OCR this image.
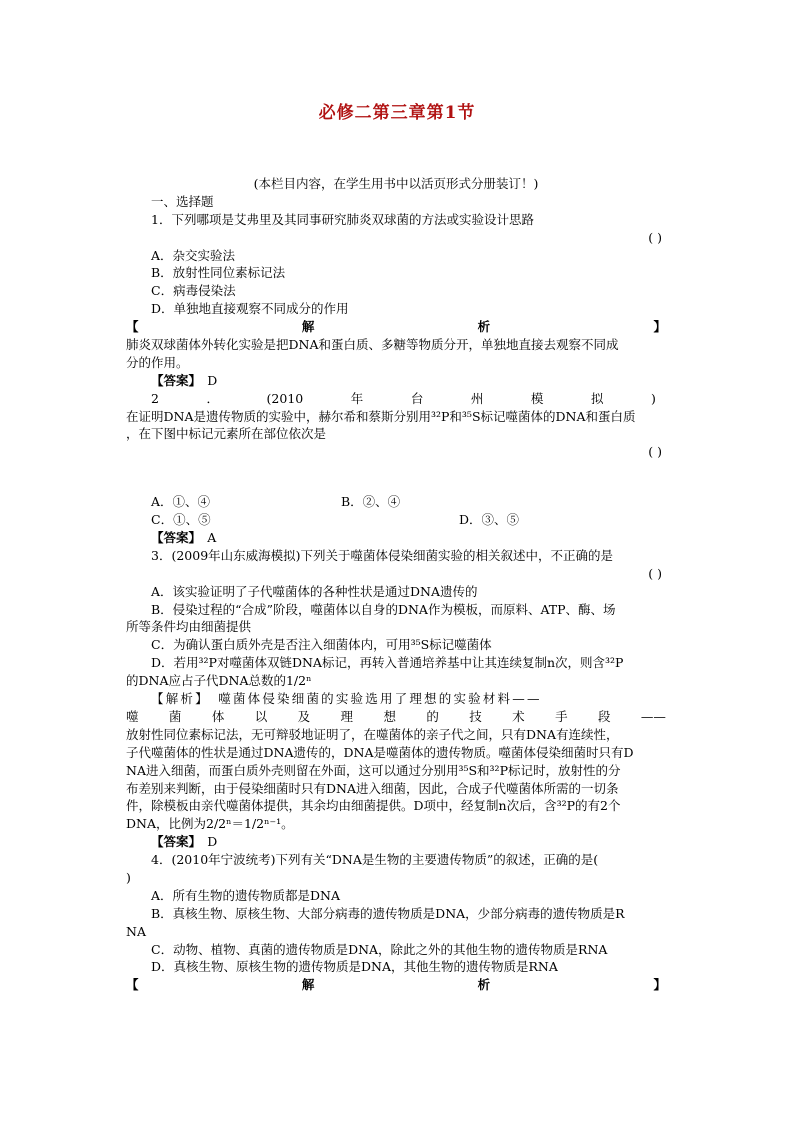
必修二第三章第1节
(本栏目内容，在学生用书中以活页形式分册装订！)
一、选择题
1．下列哪项是艾弗里及其同事研究肺炎双球菌的方法或实验设计思路
( )
A．杂交实验法
B．放射性同位素标记法
C．病毒侵染法
D．单独地直接观察不同成分的作用
【	解	析	】
肺炎双球菌体外转化实验是把DNA和蛋白质、多糖等物质分开，单独地直接去观察不同成
分的作用。
【答案】　 D
2	．	(2010	年	台	州	模	拟	)
在证明DNA是遗传物质的实验中，赫尔希和蔡斯分别用³²P和³⁵S标记噬菌体的DNA和蛋白质
，在下图中标记元素所在部位依次是
( )
A．①、④	B．②、④
C．①、⑤	D．③、⑤
【答案】　 A
3．(2009年山东威海模拟)下列关于噬菌体侵染细菌实验的相关叙述中，不正确的是
( )
A．该实验证明了子代噬菌体的各种性状是通过DNA遗传的
B．侵染过程的“合成”阶段，噬菌体以自身的DNA作为模板，而原料、ATP、酶、场
所等条件均由细菌提供
C．为确认蛋白质外壳是否注入细菌体内，可用³⁵S标记噬菌体
D．若用³²P对噬菌体双链DNA标记，再转入普通培养基中让其连续复制n次，则含³²P
的DNA应占子代DNA总数的1/2ⁿ
【解析】　噬菌体侵染细菌的实验选用了理想的实验材料——
噬 菌 体 以 及 理 想 的 技 术 手 段 ——
放射性同位素标记法，无可辩驳地证明了，在噬菌体的亲子代之间，只有DNA有连续性，
子代噬菌体的性状是通过DNA遗传的，DNA是噬菌体的遗传物质。噬菌体侵染细菌时只有D
NA进入细菌，而蛋白质外壳则留在外面，这可以通过分别用³⁵S和³²P标记时，放射性的分
布差别来判断，由于侵染细菌时只有DNA进入细菌，因此，合成子代噬菌体所需的一切条
件，除模板由亲代噬菌体提供，其余均由细菌提供。D项中，经复制n次后，含³²P的有2个
DNA，比例为2/2ⁿ＝1/2ⁿ⁻¹。
【答案】　 D
4．(2010年宁波统考)下列有关“DNA是生物的主要遗传物质”的叙述，正确的是(
)
A．所有生物的遗传物质都是DNA
B．真核生物、原核生物、大部分病毒的遗传物质是DNA，少部分病毒的遗传物质是R
NA
C．动物、植物、真菌的遗传物质是DNA，除此之外的其他生物的遗传物质是RNA
D．真核生物、原核生物的遗传物质是DNA，其他生物的遗传物质是RNA
【	解	析	】
